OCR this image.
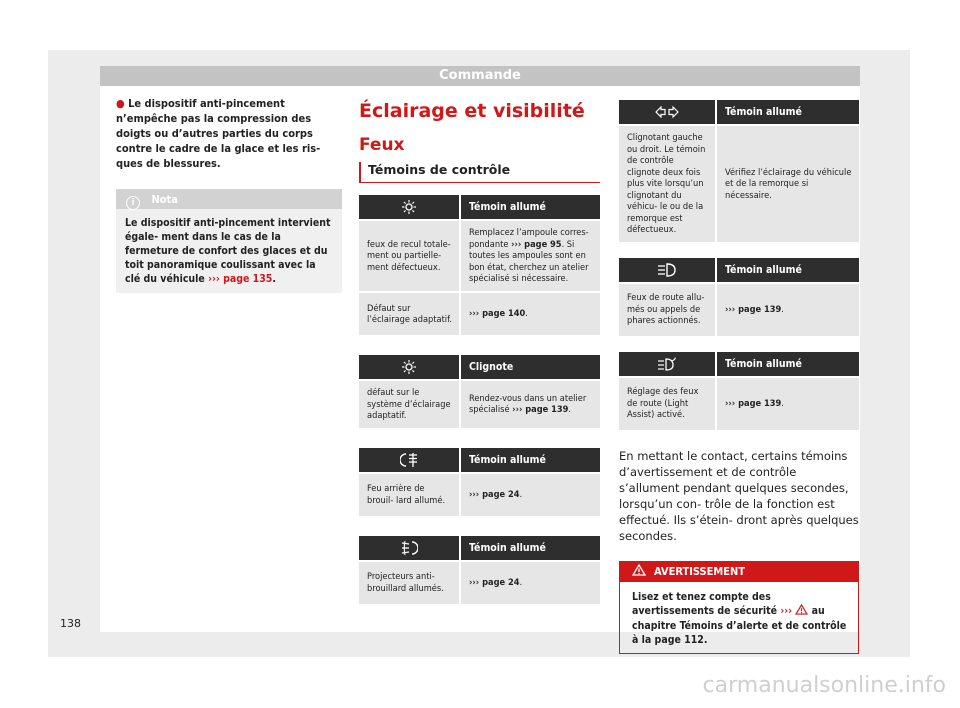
Commande
● Le dispositif anti-pincement n’empêche pas la compression des doigts ou d’autres parties du corps contre le cadre de la glace et les ris- ques de blessures.
i Nota
Le dispositif anti-pincement intervient égale- ment dans le cas de la fermeture de confort des glaces et du toit panoramique coulissant avec la clé du véhicule ››› page 135.
Éclairage et visibilité
Feux
Témoins de contrôle
	Témoin allumé
feux de recul totale- ment ou partielle- ment défectueux.	Remplacez l’ampoule corres- pondante ››› page 95. Si toutes les ampoules sont en bon état, cherchez un atelier spécialisé si nécessaire.
Défaut sur l’éclairage adaptatif.	››› page 140.
	Clignote
défaut sur le système d’éclairage adaptatif.	Rendez-vous dans un atelier spécialisé ››› page 139.
	Témoin allumé
Feu arrière de brouil- lard allumé.	››› page 24.
	Témoin allumé
Projecteurs anti- brouillard allumés.	››› page 24.
	Témoin allumé
Clignotant gauche ou droit. Le témoin de contrôle clignote deux fois plus vite lorsqu’un clignotant du véhicu- le ou de la remorque est défectueux.	Vérifiez l’éclairage du véhicule et de la remorque si nécessaire.
	Témoin allumé
Feux de route allu- més ou appels de phares actionnés.	››› page 139.
	Témoin allumé
Réglage des feux de route (Light Assist) activé.	››› page 139.
En mettant le contact, certains témoins d’avertissement et de contrôle s’allument pendant quelques secondes, lorsqu’un con- trôle de la fonction est effectué. Ils s’étein- dront après quelques secondes.
AVERTISSEMENT
Lisez et tenez compte des avertissements de sécurité ›››  au chapitre Témoins d’alerte et de contrôle à la page 112.
138
carmanualsonline.info
